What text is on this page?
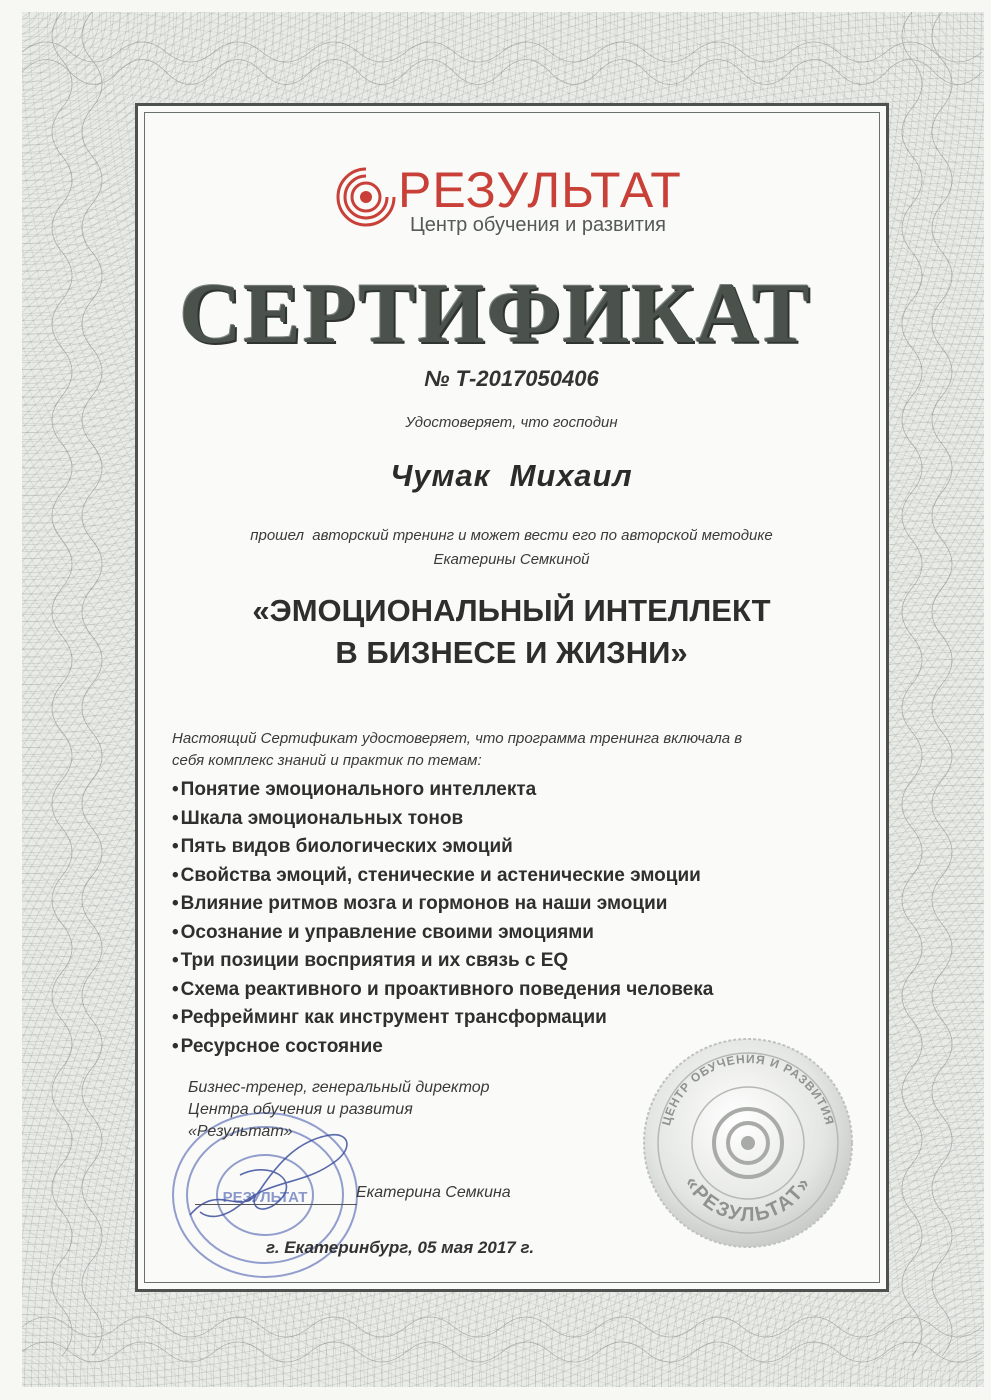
РЕЗУЛЬТАТ
Центр обучения и развития
СЕРТИФИКАТ
№ Т-2017050406
Удостоверяет, что господин
Чумак  Михаил
прошел  авторский тренинг и может вести его по авторской методике
Екатерины Семкиной
«ЭМОЦИОНАЛЬНЫЙ ИНТЕЛЛЕКТ
В БИЗНЕСЕ И ЖИЗНИ»
Настоящий Сертификат удостоверяет, что программа тренинга включала в
себя комплекс знаний и практик по темам:
• Понятие эмоционального интеллекта
• Шкала эмоциональных тонов
• Пять видов биологических эмоций
• Свойства эмоций, стенические и астенические эмоции
• Влияние ритмов мозга и гормонов на наши эмоции
• Осознание и управление своими эмоциями
• Три позиции восприятия и их связь с EQ
• Схема реактивного и проактивного поведения человека
• Рефрейминг как инструмент трансформации
• Ресурсное состояние
РЕЗУЛЬТАТ
Бизнес-тренер, генеральный директор
Центра обучения и развития
«Результат»
Екатерина Семкина
г. Екатеринбург, 05 мая 2017 г.
ЦЕНТР ОБУЧЕНИЯ И РАЗВИТИЯ
«РЕЗУЛЬТАТ»
